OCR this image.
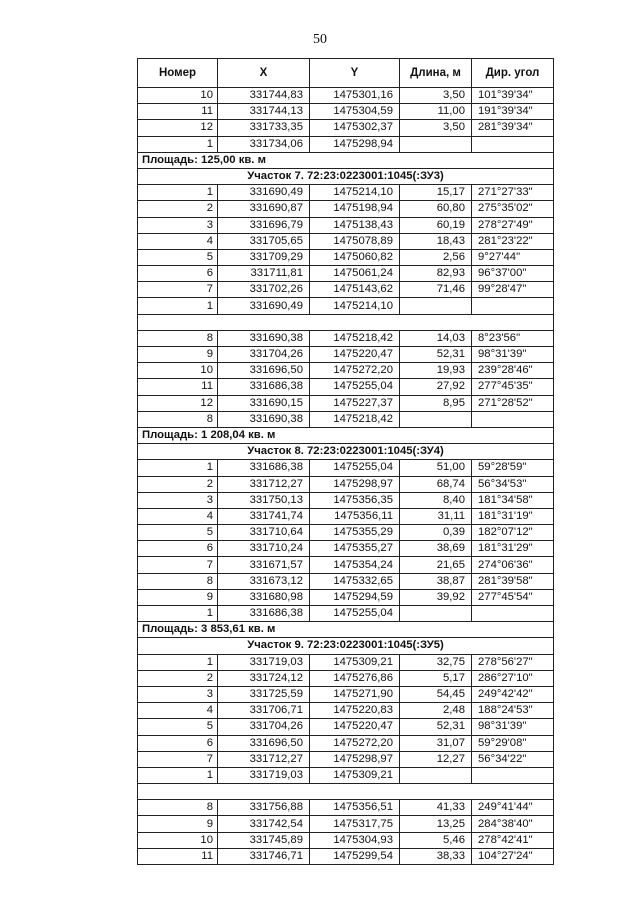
50
Номер	X	Y	Длина, м	Дир. угол
10	331744,83	1475301,16	3,50	101°39'34"
11	331744,13	1475304,59	11,00	191°39'34"
12	331733,35	1475302,37	3,50	281°39'34"
1	331734,06	1475298,94		
Площадь: 125,00 кв. м				
Участок 7. 72:23:0223001:1045(:ЗУ3)				
1	331690,49	1475214,10	15,17	271°27'33"
2	331690,87	1475198,94	60,80	275°35'02"
3	331696,79	1475138,43	60,19	278°27'49"
4	331705,65	1475078,89	18,43	281°23'22"
5	331709,29	1475060,82	2,56	9°27'44"
6	331711,81	1475061,24	82,93	96°37'00"
7	331702,26	1475143,62	71,46	99°28'47"
1	331690,49	1475214,10		

8	331690,38	1475218,42	14,03	8°23'56"
9	331704,26	1475220,47	52,31	98°31'39"
10	331696,50	1475272,20	19,93	239°28'46"
11	331686,38	1475255,04	27,92	277°45'35"
12	331690,15	1475227,37	8,95	271°28'52"
8	331690,38	1475218,42		
Площадь: 1 208,04 кв. м				
Участок 8. 72:23:0223001:1045(:ЗУ4)				
1	331686,38	1475255,04	51,00	59°28'59"
2	331712,27	1475298,97	68,74	56°34'53"
3	331750,13	1475356,35	8,40	181°34'58"
4	331741,74	1475356,11	31,11	181°31'19"
5	331710,64	1475355,29	0,39	182°07'12"
6	331710,24	1475355,27	38,69	181°31'29"
7	331671,57	1475354,24	21,65	274°06'36"
8	331673,12	1475332,65	38,87	281°39'58"
9	331680,98	1475294,59	39,92	277°45'54"
1	331686,38	1475255,04		
Площадь: 3 853,61 кв. м				
Участок 9. 72:23:0223001:1045(:ЗУ5)				
1	331719,03	1475309,21	32,75	278°56'27"
2	331724,12	1475276,86	5,17	286°27'10"
3	331725,59	1475271,90	54,45	249°42'42"
4	331706,71	1475220,83	2,48	188°24'53"
5	331704,26	1475220,47	52,31	98°31'39"
6	331696,50	1475272,20	31,07	59°29'08"
7	331712,27	1475298,97	12,27	56°34'22"
1	331719,03	1475309,21		

8	331756,88	1475356,51	41,33	249°41'44"
9	331742,54	1475317,75	13,25	284°38'40"
10	331745,89	1475304,93	5,46	278°42'41"
11	331746,71	1475299,54	38,33	104°27'24"
